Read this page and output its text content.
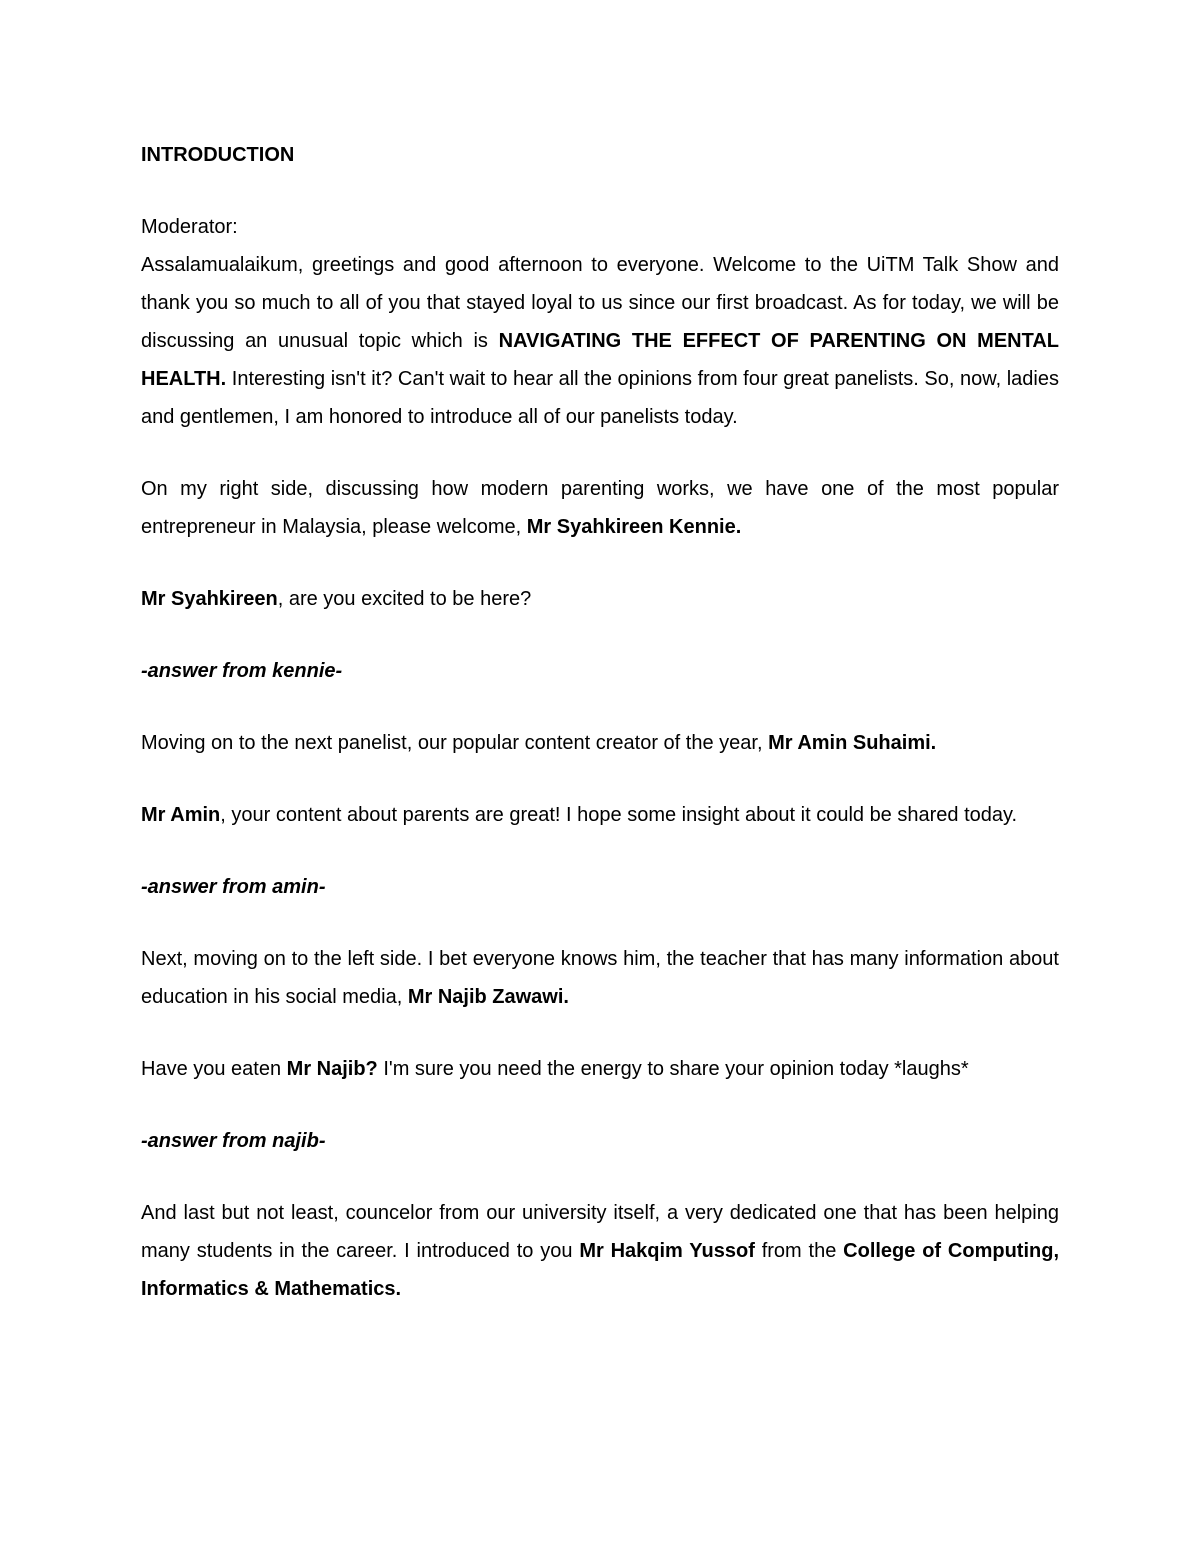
INTRODUCTION

Moderator:

Assalamualaikum, greetings and good afternoon to everyone. Welcome to the UiTM Talk Show and thank you so much to all of you that stayed loyal to us since our first broadcast. As for today, we will be discussing an unusual topic which is NAVIGATING THE EFFECT OF PARENTING ON MENTAL HEALTH. Interesting isn't it? Can't wait to hear all the opinions from four great panelists. So, now, ladies and gentlemen, I am honored to introduce all of our panelists today.

On my right side, discussing how modern parenting works, we have one of the most popular entrepreneur in Malaysia, please welcome, Mr Syahkireen Kennie.

Mr Syahkireen, are you excited to be here?

-answer from kennie-

Moving on to the next panelist, our popular content creator of the year, Mr Amin Suhaimi.

Mr Amin, your content about parents are great! I hope some insight about it could be shared today.

-answer from amin-

Next, moving on to the left side. I bet everyone knows him, the teacher that has many information about education in his social media, Mr Najib Zawawi.

Have you eaten Mr Najib? I'm sure you need the energy to share your opinion today *laughs*

-answer from najib-

And last but not least, councelor from our university itself, a very dedicated one that has been helping many students in the career. I introduced to you Mr Hakqim Yussof from the College of Computing, Informatics & Mathematics.
